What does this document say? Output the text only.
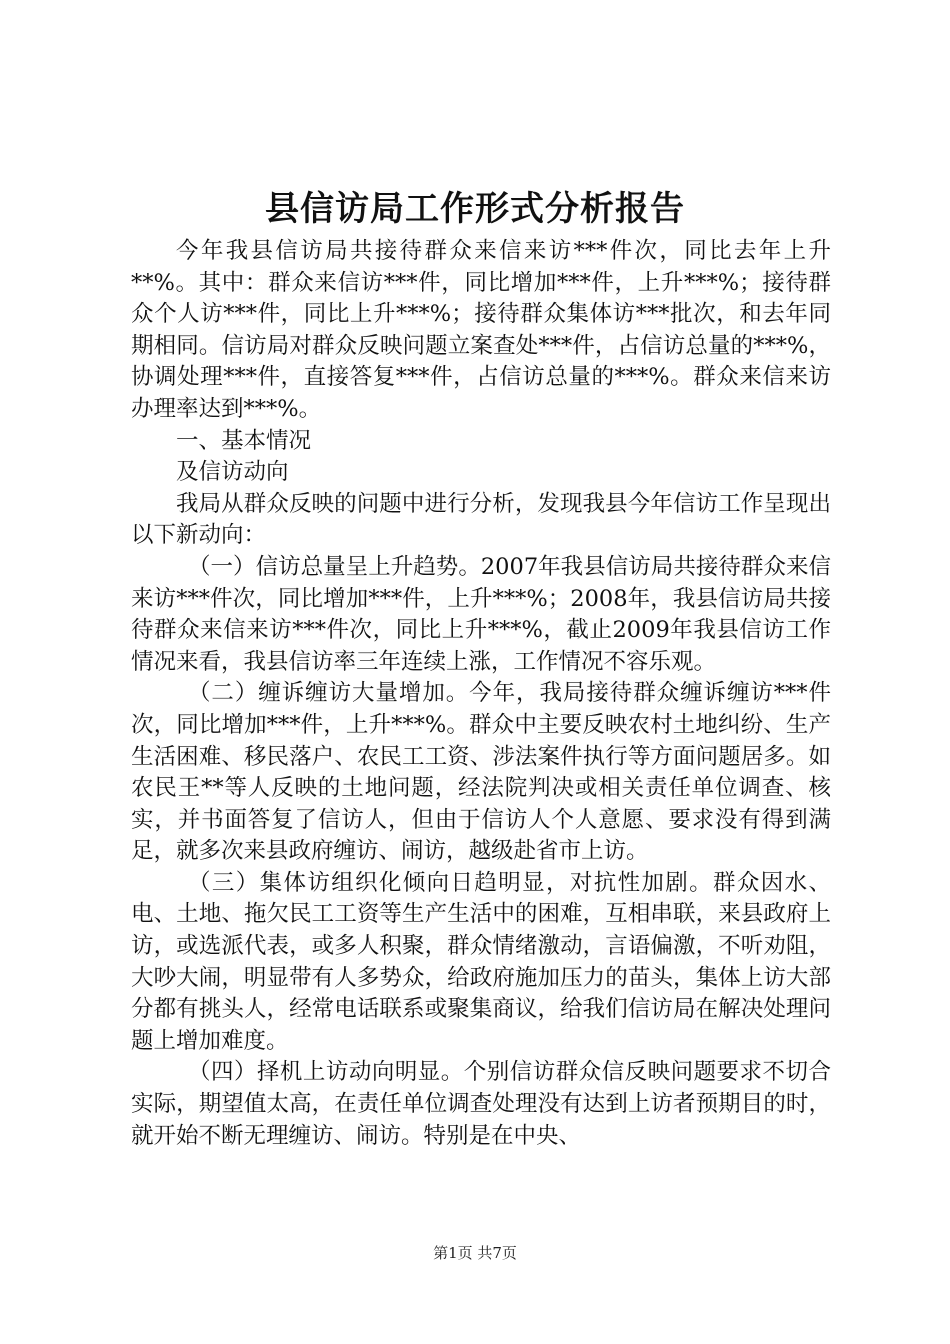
县信访局工作形式分析报告

今年我县信访局共接待群众来信来访***件次，同比去年上升**%。其中：群众来信访***件，同比增加***件，上升***%；接待群众个人访***件，同比上升***%；接待群众集体访***批次，和去年同期相同。信访局对群众反映问题立案查处***件，占信访总量的***%，协调处理***件，直接答复***件，占信访总量的***%。群众来信来访办理率达到***%。

一、基本情况

及信访动向

我局从群众反映的问题中进行分析，发现我县今年信访工作呈现出以下新动向：

（一）信访总量呈上升趋势。2007年我县信访局共接待群众来信来访***件次，同比增加***件，上升***%；2008年，我县信访局共接待群众来信来访***件次，同比上升***%，截止2009年我县信访工作情况来看，我县信访率三年连续上涨，工作情况不容乐观。

（二）缠诉缠访大量增加。今年，我局接待群众缠诉缠访***件次，同比增加***件，上升***%。群众中主要反映农村土地纠纷、生产生活困难、移民落户、农民工工资、涉法案件执行等方面问题居多。如农民王**等人反映的土地问题，经法院判决或相关责任单位调查、核实，并书面答复了信访人，但由于信访人个人意愿、要求没有得到满足，就多次来县政府缠访、闹访，越级赴省市上访。

（三）集体访组织化倾向日趋明显，对抗性加剧。群众因水、电、土地、拖欠民工工资等生产生活中的困难，互相串联，来县政府上访，或选派代表，或多人积聚，群众情绪激动，言语偏激，不听劝阻，大吵大闹，明显带有人多势众，给政府施加压力的苗头，集体上访大部分都有挑头人，经常电话联系或聚集商议，给我们信访局在解决处理问题上增加难度。

（四）择机上访动向明显。个别信访群众信反映问题要求不切合实际，期望值太高，在责任单位调查处理没有达到上访者预期目的时，就开始不断无理缠访、闹访。特别是在中央、

第1页 共7页
